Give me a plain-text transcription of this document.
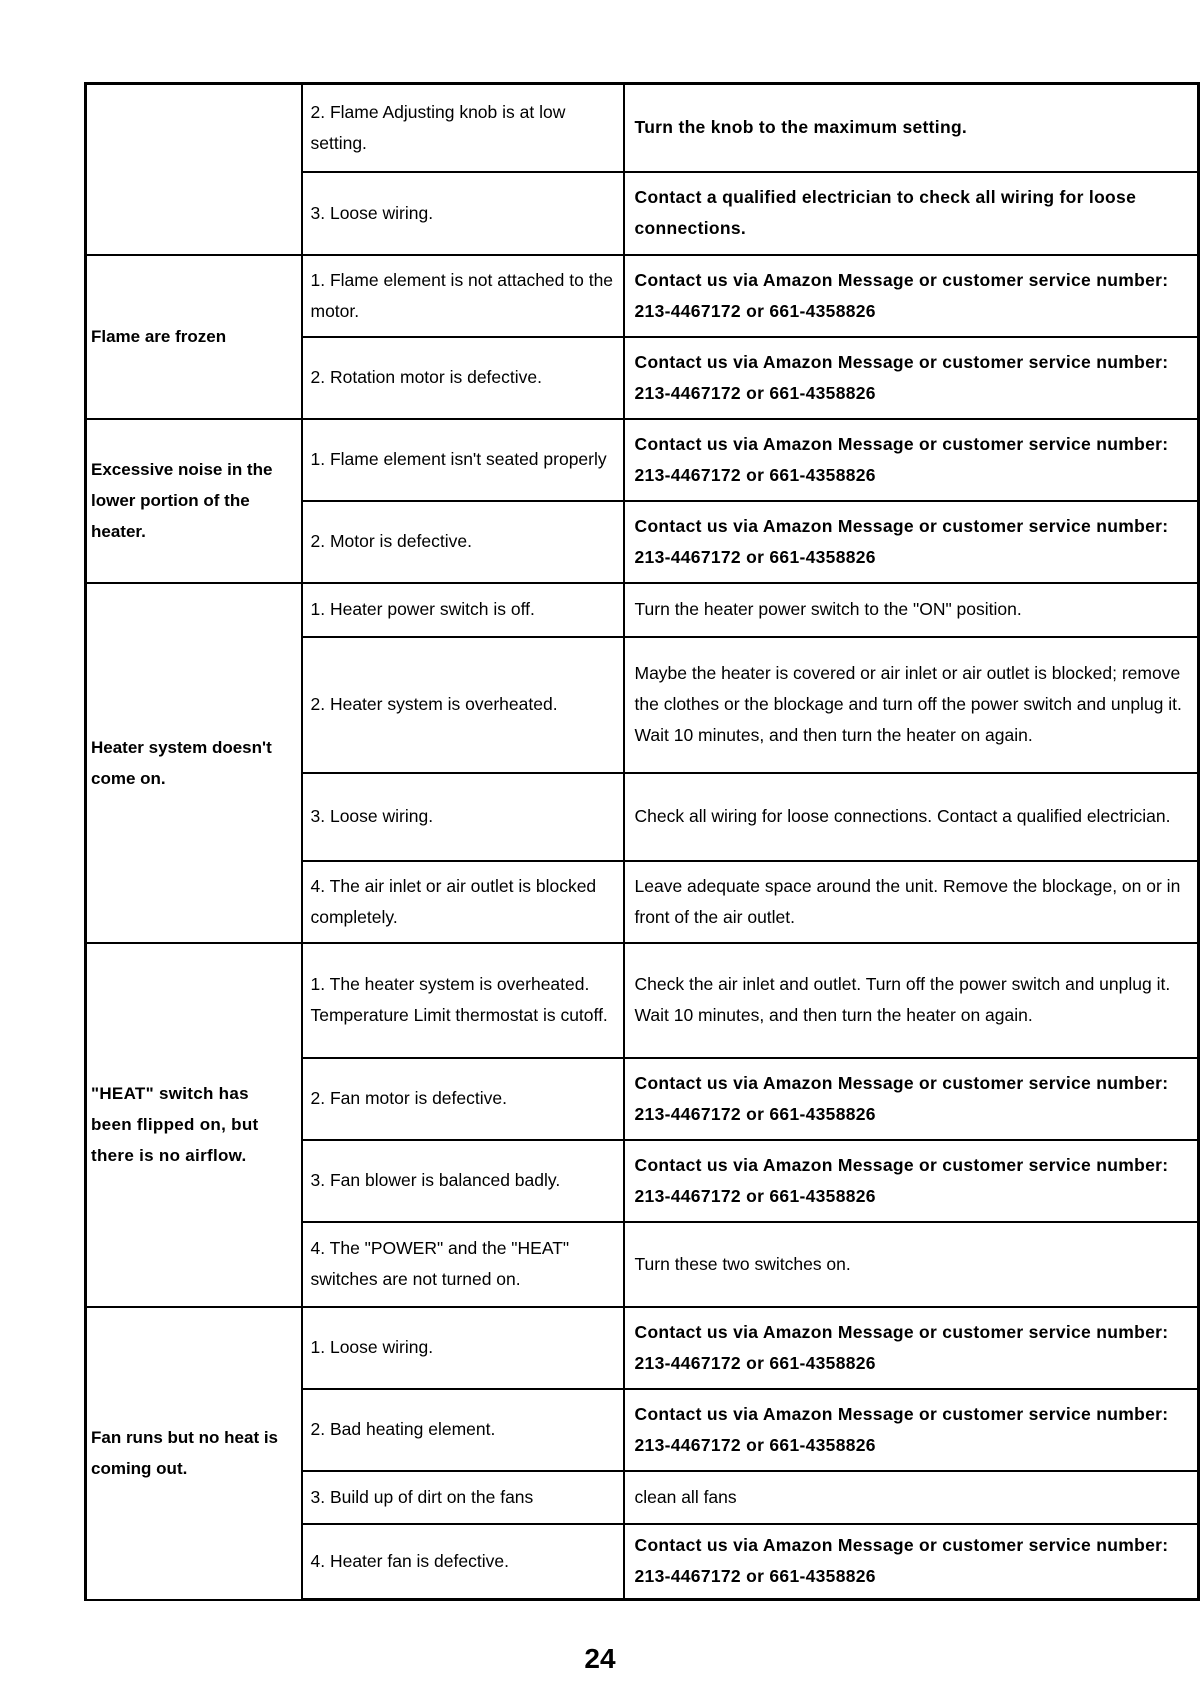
	2. Flame Adjusting knob is at low setting.	Turn the knob to the maximum setting.
	3. Loose wiring.	Contact a qualified electrician to check all wiring for loose connections.
Flame are frozen	1. Flame element is not attached to the motor.	Contact us via Amazon Message or customer service number: 213-4467172 or 661-4358826
	2. Rotation motor is defective.	Contact us via Amazon Message or customer service number: 213-4467172 or 661-4358826
Excessive noise in the lower portion of the heater.	1. Flame element isn't seated properly	Contact us via Amazon Message or customer service number: 213-4467172 or 661-4358826
	2. Motor is defective.	Contact us via Amazon Message or customer service number: 213-4467172 or 661-4358826
Heater system doesn't come on.	1. Heater power switch is off.	Turn the heater power switch to the "ON" position.
	2. Heater system is overheated.	Maybe the heater is covered or air inlet or air outlet is blocked; remove the clothes or the blockage and turn off the power switch and unplug it. Wait 10 minutes, and then turn the heater on again.
	3. Loose wiring.	Check all wiring for loose connections. Contact a qualified electrician.
	4. The air inlet or air outlet is blocked completely.	Leave adequate space around the unit. Remove the blockage, on or in front of the air outlet.
"HEAT" switch has been flipped on, but there is no airflow.	1. The heater system is overheated. Temperature Limit thermostat is cutoff.	Check the air inlet and outlet. Turn off the power switch and unplug it. Wait 10 minutes, and then turn the heater on again.
	2. Fan motor is defective.	Contact us via Amazon Message or customer service number: 213-4467172 or 661-4358826
	3. Fan blower is balanced badly.	Contact us via Amazon Message or customer service number: 213-4467172 or 661-4358826
	4. The "POWER" and the "HEAT" switches are not turned on.	Turn these two switches on.
Fan runs but no heat is coming out.	1. Loose wiring.	Contact us via Amazon Message or customer service number: 213-4467172 or 661-4358826
	2. Bad heating element.	Contact us via Amazon Message or customer service number: 213-4467172 or 661-4358826
	3. Build up of dirt on the fans	clean all fans
	4. Heater fan is defective.	Contact us via Amazon Message or customer service number: 213-4467172 or 661-4358826
24
